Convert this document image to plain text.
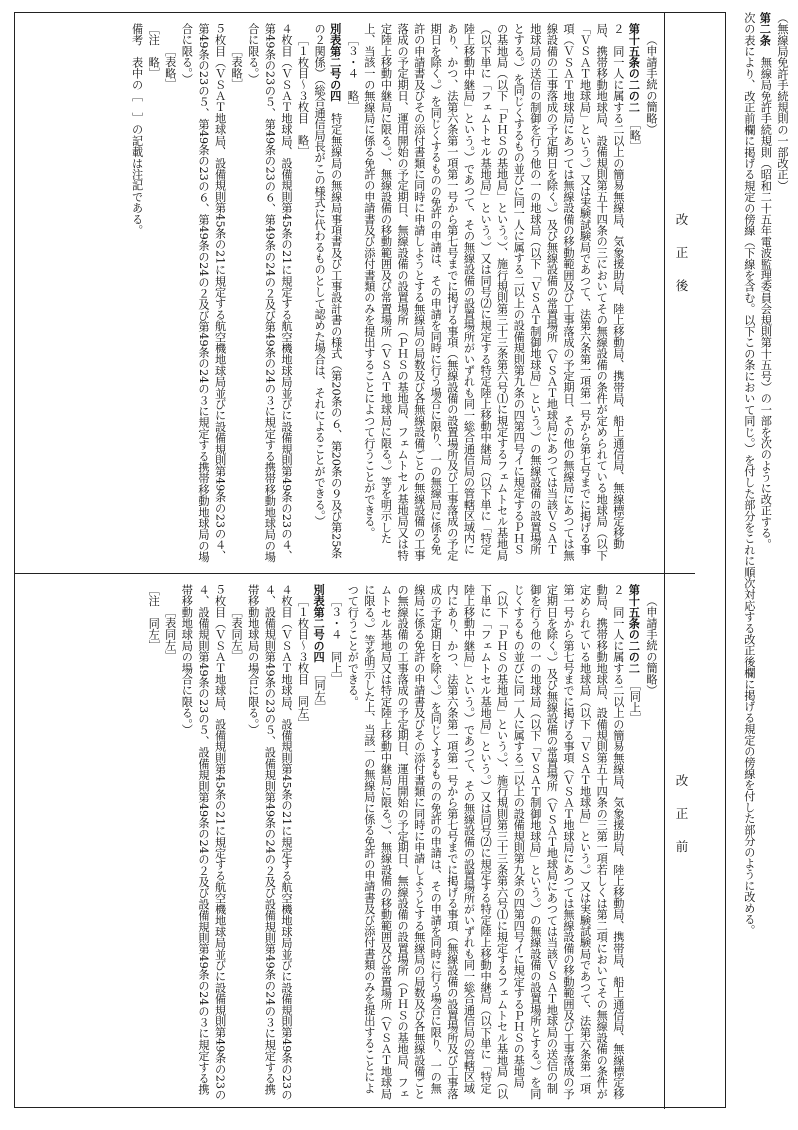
（無線局免許手続規則の一部改正）

第二条　無線局免許手続規則（昭和二十五年電波監理委員会規則第十五号）の一部を次のように改正する。

次の表により、改正前欄に掲げる規定の傍線（下線を含む。以下この条において同じ。）を付した部分をこれに順次対応する改正後欄に掲げる規定の傍線を付した部分のように改める。

改　正　後

（申請手続の簡略）

第十五条の二の二　［略］

２　同一人に属する二以上の簡易無線局、気象援助局、陸上移動局、携帯局、船上通信局、無線標定移動局、携帯移動地球局、設備規則第五十四条の三においてその無線設備の条件が定められている地球局（以下「ＶＳＡＴ地球局」という。）又は実験試験局であつて、法第六条第一項第一号から第七号までに掲げる事項（ＶＳＡＴ地球局にあつては無線設備の移動範囲及び工事落成の予定期日、その他の無線局にあつては無線設備の工事落成の予定期日を除く。）及び無線設備の常置場所（ＶＳＡＴ地球局にあつては当該ＶＳＡＴ地球局の送信の制御を行う他の一の地球局（以下「ＶＳＡＴ制御地球局」という。）の無線設備の設置場所とする。）を同じくするもの並びに同一人に属する二以上の設備規則第九条の四第四号イに規定するＰＨＳの基地局（以下「ＰＨＳの基地局」という。）、施行規則第三十三条第六号⑴に規定するフェムトセル基地局（以下単に「フェムトセル基地局」という。）又は同号⑵に規定する特定陸上移動中継局（以下単に「特定陸上移動中継局」という。）であつて、その無線設備の設置場所がいずれも同一総合通信局の管轄区域内にあり、かつ、法第六条第一項第一号から第七号までに掲げる事項（無線設備の設置場所及び工事落成の予定期日を除く。）を同じくするものの免許の申請は、その申請を同時に行う場合に限り、一の無線局に係る免許の申請書及びその添付書類に同時に申請しようとする無線局の局数及び各無線設備ごとの無線設備の工事落成の予定期日、運用開始の予定期日、無線設備の設置場所（ＰＨＳの基地局、フェムトセル基地局又は特定陸上移動中継局に限る。）、無線設備の移動範囲及び常置場所（ＶＳＡＴ地球局に限る。）等を明示した上、当該一の無線局に係る免許の申請書及び添付書類のみを提出することによつて行うことができる。

［３・４　略］

別表第二号の四　特定無線局の無線局事項書及び工事設計書の様式（第20条の６、第20条の９及び第25条の２関係）（総合通信局長がこの様式に代わるものとして認めた場合は、それによることができる。）

［１枚目～３枚目　略］

４枚目（ＶＳＡＴ地球局、設備規則第45条の21に規定する航空機地球局並びに設備規則第49条の23の４、第49条の23の５、第49条の23の６、第49条の24の２及び第49条の24の３に規定する携帯移動地球局の場合に限る。）

［表略］

５枚目（ＶＳＡＴ地球局、設備規則第45条の21に規定する航空機地球局並びに設備規則第49条の23の４、第49条の23の５、第49条の23の６、第49条の24の２及び第49条の24の３に規定する携帯移動地球局の場合に限る。）

［表略］

［注　略］

備考　表中の［　］の記載は注記である。

改　正　前

（申請手続の簡略）

第十五条の二の二　［同上］

２　同一人に属する二以上の簡易無線局、気象援助局、陸上移動局、携帯局、船上通信局、無線標定移動局、携帯移動地球局、設備規則第五十四条の三第一項若しくは第二項においてその無線設備の条件が定められている地球局（以下「ＶＳＡＴ地球局」という。）又は実験試験局であつて、法第六条第一項第一号から第七号までに掲げる事項（ＶＳＡＴ地球局にあつては無線設備の移動範囲及び工事落成の予定期日を除く。）及び無線設備の常置場所（ＶＳＡＴ地球局にあつては当該ＶＳＡＴ地球局の送信の制御を行う他の一の地球局（以下「ＶＳＡＴ制御地球局」という。）の無線設備の設置場所とする。）を同じくするもの並びに同一人に属する二以上の設備規則第九条の四第四号イに規定するＰＨＳの基地局（以下「ＰＨＳの基地局」という。）、施行規則第三十三条第六号⑴に規定するフェムトセル基地局（以下単に「フェムトセル基地局」という。）又は同号⑵に規定する特定陸上移動中継局（以下単に「特定陸上移動中継局」という。）であつて、その無線設備の設置場所がいずれも同一総合通信局の管轄区域内にあり、かつ、法第六条第一項第一号から第七号までに掲げる事項（無線設備の設置場所及び工事落成の予定期日を除く。）を同じくするものの免許の申請は、その申請を同時に行う場合に限り、一の無線局に係る免許の申請書及びその添付書類に同時に申請しようとする無線局の局数及び各無線設備ごとの無線設備の工事落成の予定期日、運用開始の予定期日、無線設備の設置場所（ＰＨＳの基地局、フェムトセル基地局又は特定陸上移動中継局に限る。）、無線設備の移動範囲及び常置場所（ＶＳＡＴ地球局に限る。）等を明示した上、当該一の無線局に係る免許の申請書及び添付書類のみを提出することによつて行うことができる。

［３・４　同上］

別表第二号の四　［同左］

［１枚目～３枚目　同左］

４枚目（ＶＳＡＴ地球局、設備規則第45条の21に規定する航空機地球局並びに設備規則第49条の23の４、設備規則第49条の23の５、設備規則第49条の24の２及び設備規則第49条の24の３に規定する携帯移動地球局の場合に限る。）

［表同左］

５枚目（ＶＳＡＴ地球局、設備規則第45条の21に規定する航空機地球局並びに設備規則第49条の23の４、設備規則第49条の23の５、設備規則第49条の24の２及び設備規則第49条の24の３に規定する携帯移動地球局の場合に限る。）

［表同左］

［注　同左］
